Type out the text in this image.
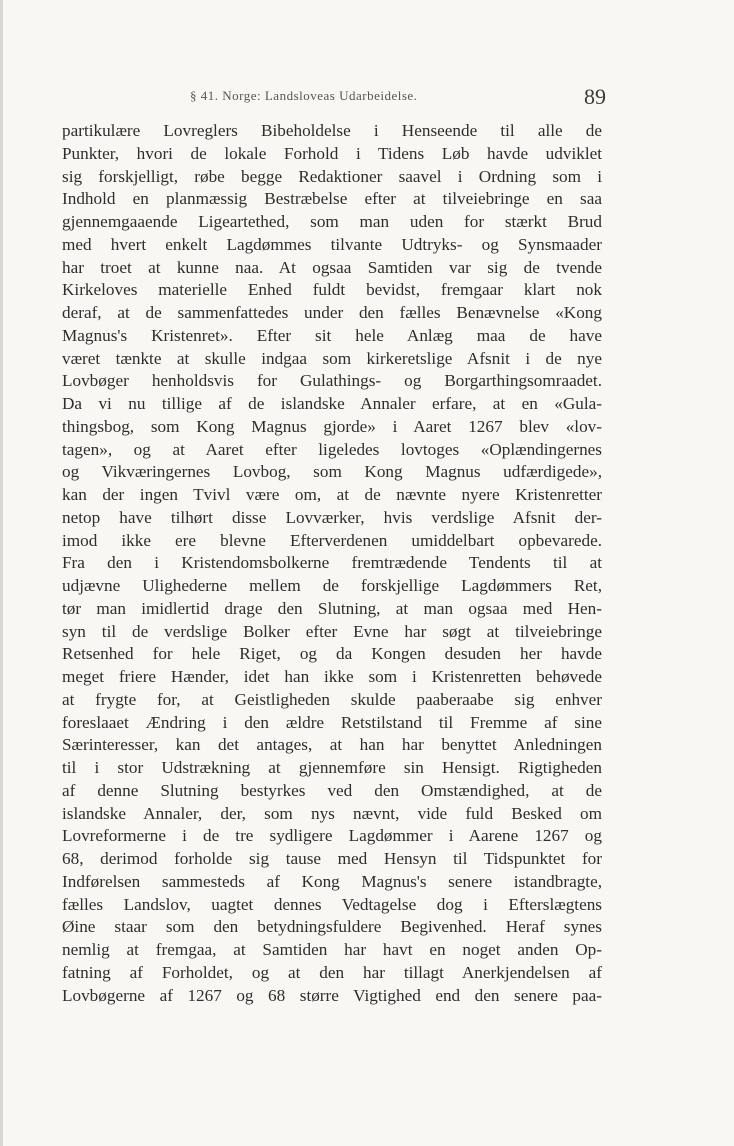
§ 41. Norge: Landsloveas Udarbeidelse.	89
partikulære Lovreglers Bibeholdelse i Henseende til alle de
Punkter, hvori de lokale Forhold i Tidens Løb havde udviklet
sig forskjelligt, røbe begge Redaktioner saavel i Ordning som i
Indhold en planmæssig Bestræbelse efter at tilveiebringe en saa
gjennemgaaende Ligeartethed, som man uden for stærkt Brud
med hvert enkelt Lagdømmes tilvante Udtryks- og Synsmaader
har troet at kunne naa. At ogsaa Samtiden var sig de tvende
Kirkeloves materielle Enhed fuldt bevidst, fremgaar klart nok
deraf, at de sammenfattedes under den fælles Benævnelse «Kong
Magnus's Kristenret». Efter sit hele Anlæg maa de have
været tænkte at skulle indgaa som kirkeretslige Afsnit i de nye
Lovbøger henholdsvis for Gulathings- og Borgarthingsomraadet.
Da vi nu tillige af de islandske Annaler erfare, at en «Gula-
thingsbog, som Kong Magnus gjorde» i Aaret 1267 blev «lov-
tagen», og at Aaret efter ligeledes lovtoges «Oplændingernes
og Vikværingernes Lovbog, som Kong Magnus udfærdigede»,
kan der ingen Tvivl være om, at de nævnte nyere Kristenretter
netop have tilhørt disse Lovværker, hvis verdslige Afsnit der-
imod ikke ere blevne Efterverdenen umiddelbart opbevarede.
Fra den i Kristendomsbolkerne fremtrædende Tendents til at
udjævne Ulighederne mellem de forskjellige Lagdømmers Ret,
tør man imidlertid drage den Slutning, at man ogsaa med Hen-
syn til de verdslige Bolker efter Evne har søgt at tilveiebringe
Retsenhed for hele Riget, og da Kongen desuden her havde
meget friere Hænder, idet han ikke som i Kristenretten behøvede
at frygte for, at Geistligheden skulde paaberaabe sig enhver
foreslaaet Ændring i den ældre Retstilstand til Fremme af sine
Særinteresser, kan det antages, at han har benyttet Anledningen
til i stor Udstrækning at gjennemføre sin Hensigt. Rigtigheden
af denne Slutning bestyrkes ved den Omstændighed, at de
islandske Annaler, der, som nys nævnt, vide fuld Besked om
Lovreformerne i de tre sydligere Lagdømmer i Aarene 1267 og
68, derimod forholde sig tause med Hensyn til Tidspunktet for
Indførelsen sammesteds af Kong Magnus's senere istandbragte,
fælles Landslov, uagtet dennes Vedtagelse dog i Efterslægtens
Øine staar som den betydningsfuldere Begivenhed. Heraf synes
nemlig at fremgaa, at Samtiden har havt en noget anden Op-
fatning af Forholdet, og at den har tillagt Anerkjendelsen af
Lovbøgerne af 1267 og 68 større Vigtighed end den senere paa-
